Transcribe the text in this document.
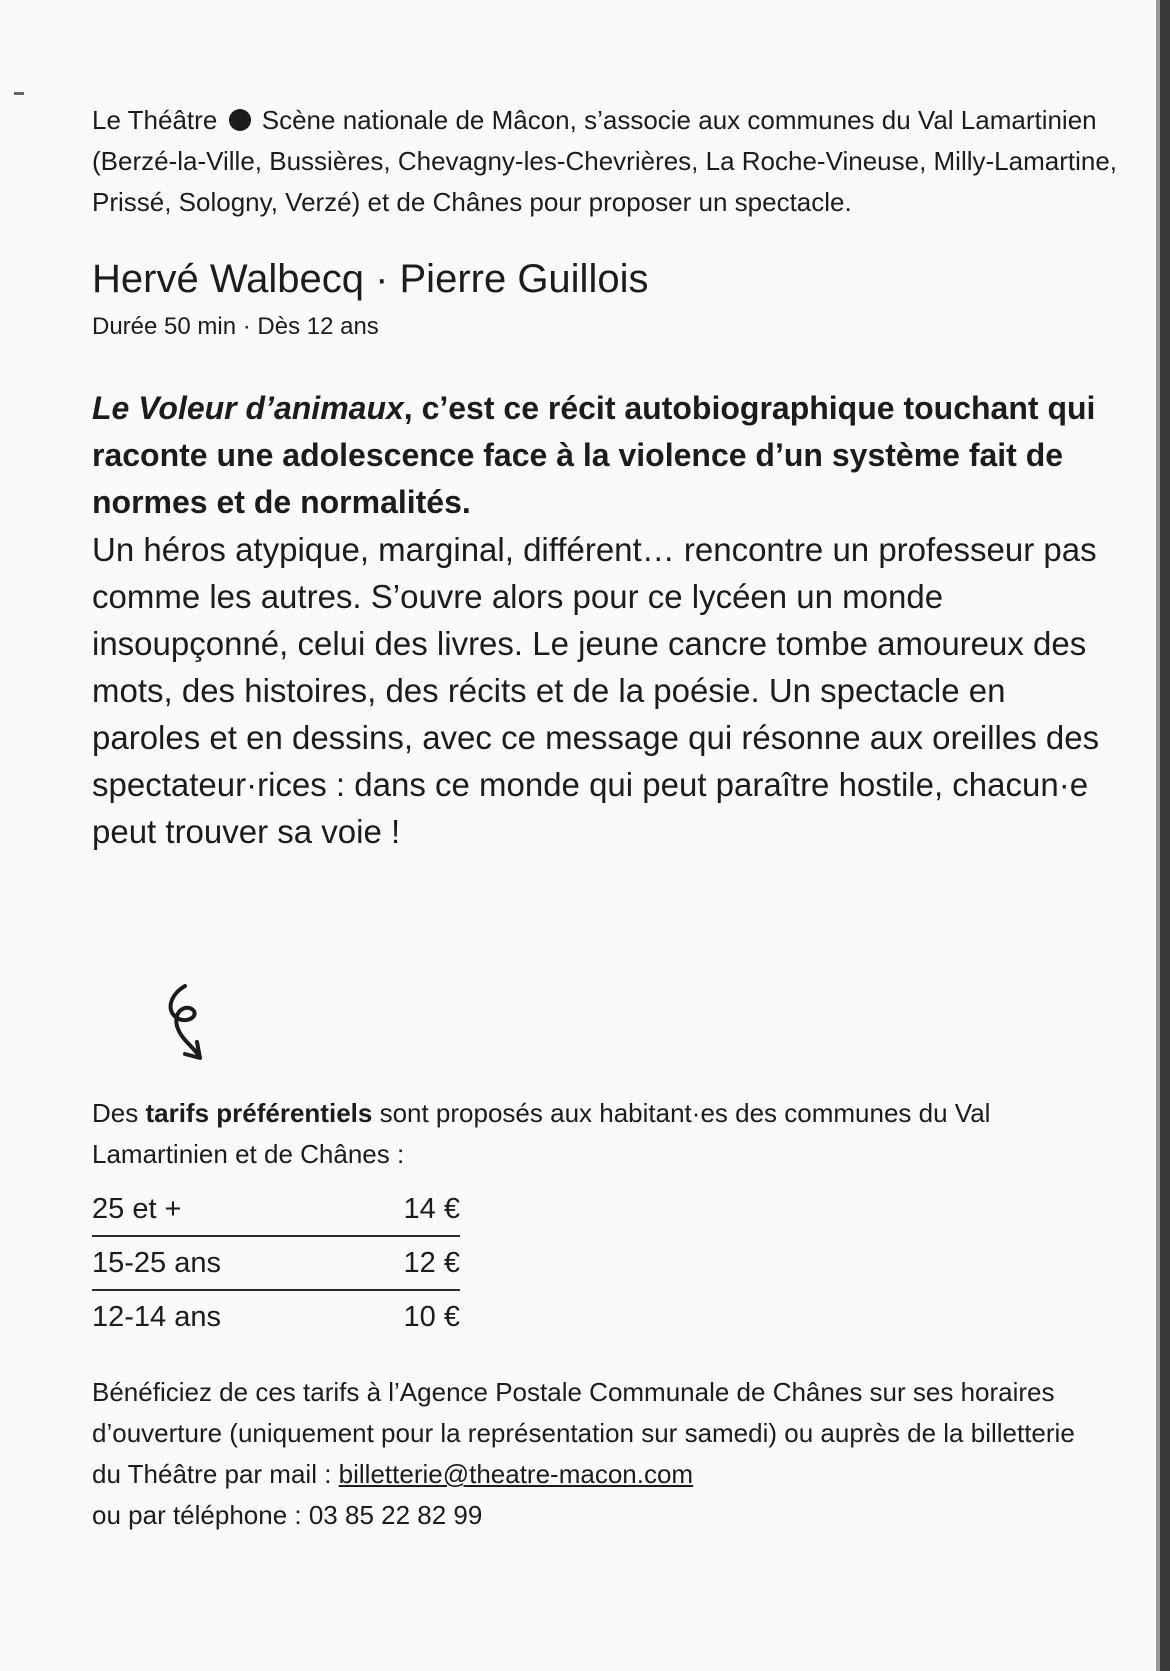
Le Théâtre Scène nationale de Mâcon, s’associe aux communes du Val Lamartinien (Berzé-la-Ville, Bussières, Chevagny-les-Chevrières, La Roche-Vineuse, Milly-Lamartine, Prissé, Sologny, Verzé) et de Chânes pour proposer un spectacle.

Hervé Walbecq · Pierre Guillois

Durée 50 min · Dès 12 ans

Le Voleur d’animaux, c’est ce récit autobiographique touchant qui raconte une adolescence face à la violence d’un système fait de normes et de normalités.

Un héros atypique, marginal, différent… rencontre un professeur pas comme les autres. S’ouvre alors pour ce lycéen un monde insoupçonné, celui des livres. Le jeune cancre tombe amoureux des mots, des histoires, des récits et de la poésie. Un spectacle en paroles et en dessins, avec ce message qui résonne aux oreilles des spectateur·rices : dans ce monde qui peut paraître hostile, chacun·e peut trouver sa voie !

Des tarifs préférentiels sont proposés aux habitant·es des communes du Val Lamartinien et de Chânes :

25 et +	14 €
15-25 ans	12 €
12-14 ans	10 €

Bénéficiez de ces tarifs à l’Agence Postale Communale de Chânes sur ses horaires d’ouverture (uniquement pour la représentation sur samedi) ou auprès de la billetterie du Théâtre par mail : billetterie@theatre-macon.com

ou par téléphone : 03 85 22 82 99
